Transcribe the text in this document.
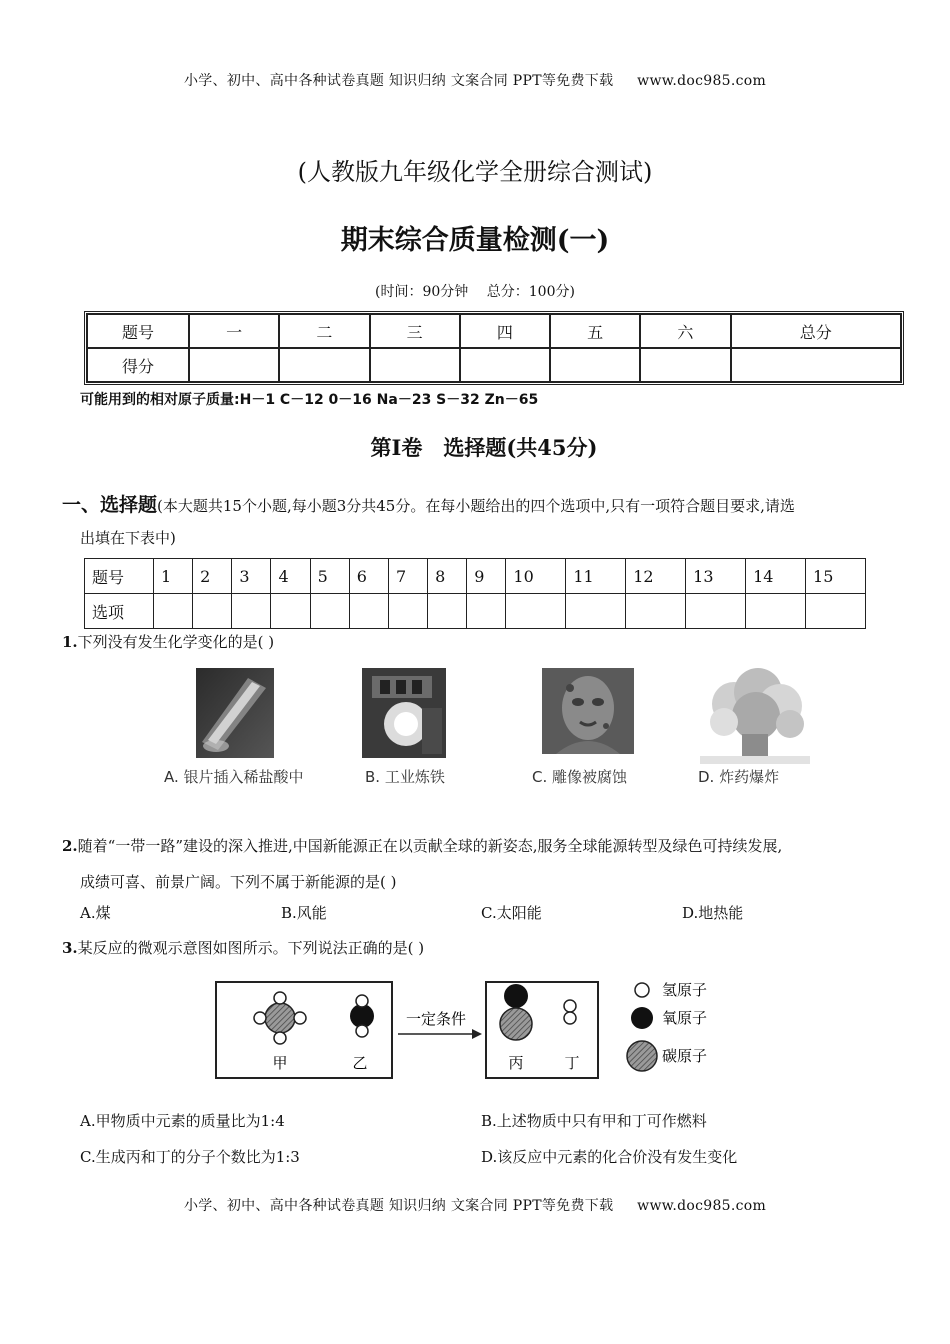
小学、初中、高中各种试卷真题 知识归纳 文案合同 PPT等免费下载 　 www.doc985.com
(人教版九年级化学全册综合测试)
期末综合质量检测(一)
(时间：90分钟　 总分：100分)
题号	一	二	三	四	五	六	总分
得分							
可能用到的相对原子质量:H－1 C－12 0－16 Na－23 S－32 Zn－65
第Ⅰ卷　选择题(共45分)
一、选择题(本大题共15个小题,每小题3分共45分。在每小题给出的四个选项中,只有一项符合题目要求,请选
出填在下表中)
题号	1	2	3	4	5	6	7	8	9	10	11	12	13	14	15
选项															
1.下列没有发生化学变化的是( )
A. 银片插入稀盐酸中	B. 工业炼铁	C. 雕像被腐蚀	D. 炸药爆炸
2.随着“一带一路”建设的深入推进,中国新能源正在以贡献全球的新姿态,服务全球能源转型及绿色可持续发展,
成绩可喜、前景广阔。下列不属于新能源的是( )
A.煤	B.风能	C.太阳能	D.地热能
3.某反应的微观示意图如图所示。下列说法正确的是( )
甲	乙
一定条件
丙	丁
氢原子
氧原子
碳原子
A.甲物质中元素的质量比为1:4	B.上述物质中只有甲和丁可作燃料
C.生成丙和丁的分子个数比为1:3	D.该反应中元素的化合价没有发生变化
小学、初中、高中各种试卷真题 知识归纳 文案合同 PPT等免费下载 　 www.doc985.com
